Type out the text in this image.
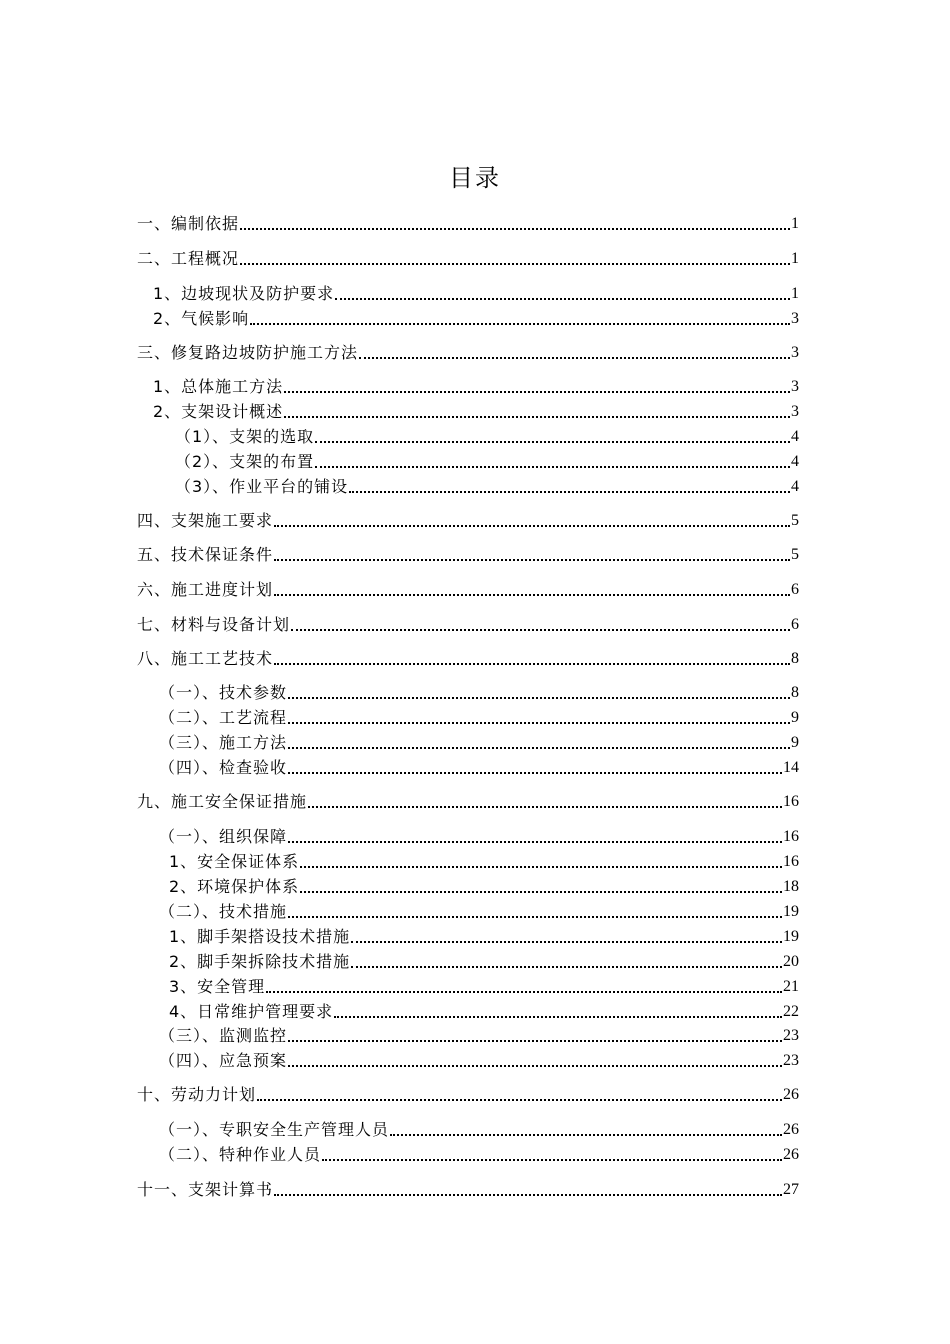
目录
一、编制依据	1
二、工程概况	1
1、边坡现状及防护要求	1
2、气候影响	3
三、修复路边坡防护施工方法	3
1、总体施工方法	3
2、支架设计概述	3
（1）、支架的选取	4
（2）、支架的布置	4
（3）、作业平台的铺设	4
四、支架施工要求	5
五、技术保证条件	5
六、施工进度计划	6
七、材料与设备计划	6
八、施工工艺技术	8
（一）、技术参数	8
（二）、工艺流程	9
（三）、施工方法	9
（四）、检查验收	14
九、施工安全保证措施	16
（一）、组织保障	16
1、安全保证体系	16
2、环境保护体系	18
（二）、技术措施	19
1、脚手架搭设技术措施	19
2、脚手架拆除技术措施	20
3、安全管理	21
4、日常维护管理要求	22
（三）、监测监控	23
（四）、应急预案	23
十、劳动力计划	26
（一）、专职安全生产管理人员	26
（二）、特种作业人员	26
十一、支架计算书	27
